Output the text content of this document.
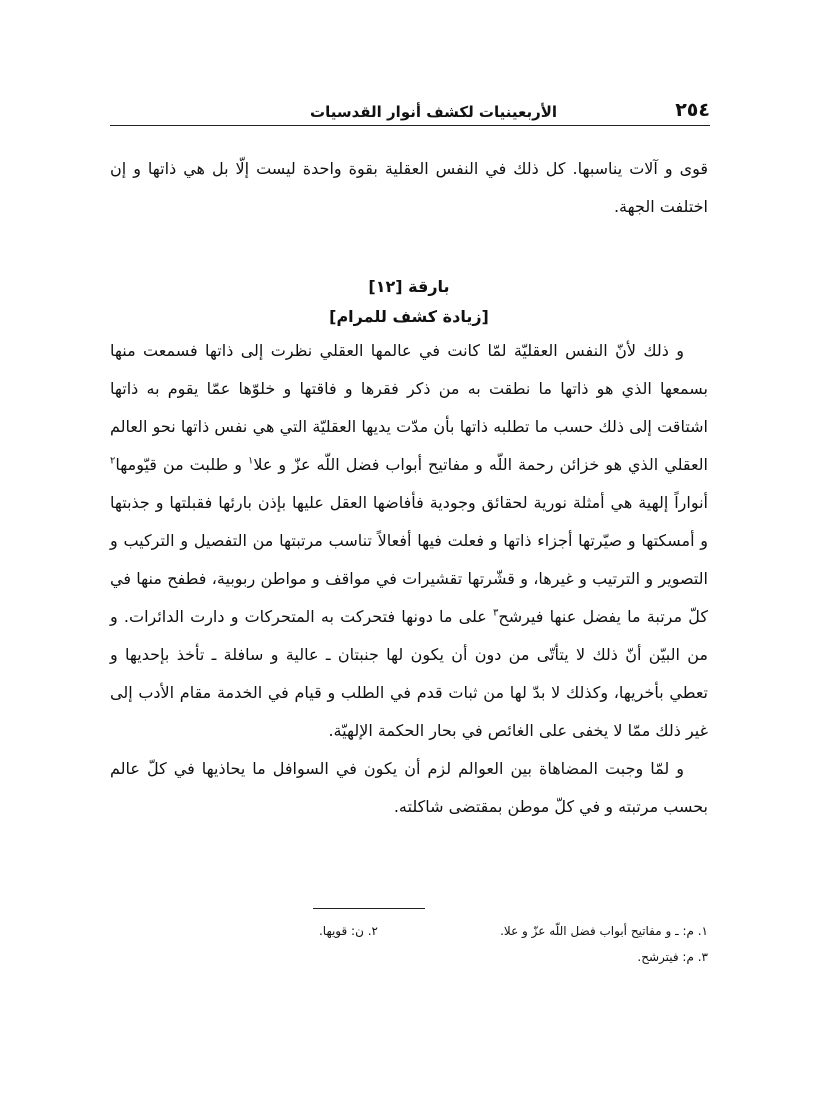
٢٥٤
الأربعينيات لكشف أنوار القدسيات

قوى و آلات يناسبها. كل ذلك في النفس العقلية بقوة واحدة ليست إلّا بل هي ذاتها و إن اختلفت الجهة.

بارقة [١٢]

[زيادة كشف للمرام]

و ذلك لأنّ النفس العقليّة لمّا كانت في عالمها العقلي نظرت إلى ذاتها فسمعت منها بسمعها الذي هو ذاتها ما نطقت به من ذكر فقرها و فاقتها و خلوّها عمّا يقوم به ذاتها اشتاقت إلى ذلك حسب ما تطلبه ذاتها بأن مدّت يديها العقليّة التي هي نفس ذاتها نحو العالم العقلي الذي هو خزائن رحمة اللّه و مفاتيح أبواب فضل اللّه عزّ و علا$^١$ و طلبت من قيّومها$^٢$ أنواراً إلهية هي أمثلة نورية لحقائق وجودية فأفاضها العقل عليها بإذن بارئها فقبلتها و جذبتها و أمسكتها و صيّرتها أجزاء ذاتها و فعلت فيها أفعالاً تناسب مرتبتها من التفصيل و التركيب و التصوير و الترتيب و غيرها، و قشّرتها تقشيرات في مواقف و مواطن ربوبية، فطفح منها في كلّ مرتبة ما يفضل عنها فيرشح$^٣$ على ما دونها فتحركت به المتحركات و دارت الدائرات. و من البيّن أنّ ذلك لا يتأتّى من دون أن يكون لها جنبتان ـ عالية و سافلة ـ تأخذ بإحديها و تعطي بأخريها، وكذلك لا بدّ لها من ثبات قدم في الطلب و قيام في الخدمة مقام الأدب إلى غير ذلك ممّا لا يخفى على الغائص في بحار الحكمة الإلهيّة.

و لمّا وجبت المضاهاة بين العوالم لزم أن يكون في السوافل ما يحاذيها في كلّ عالم بحسب مرتبته و في كلّ موطن بمقتضى شاكلته.

١. م: ـ و مفاتيح أبواب فضل اللّه عزّ و علا.
٢. ن: قويها.
٣. م: فيترشح.
